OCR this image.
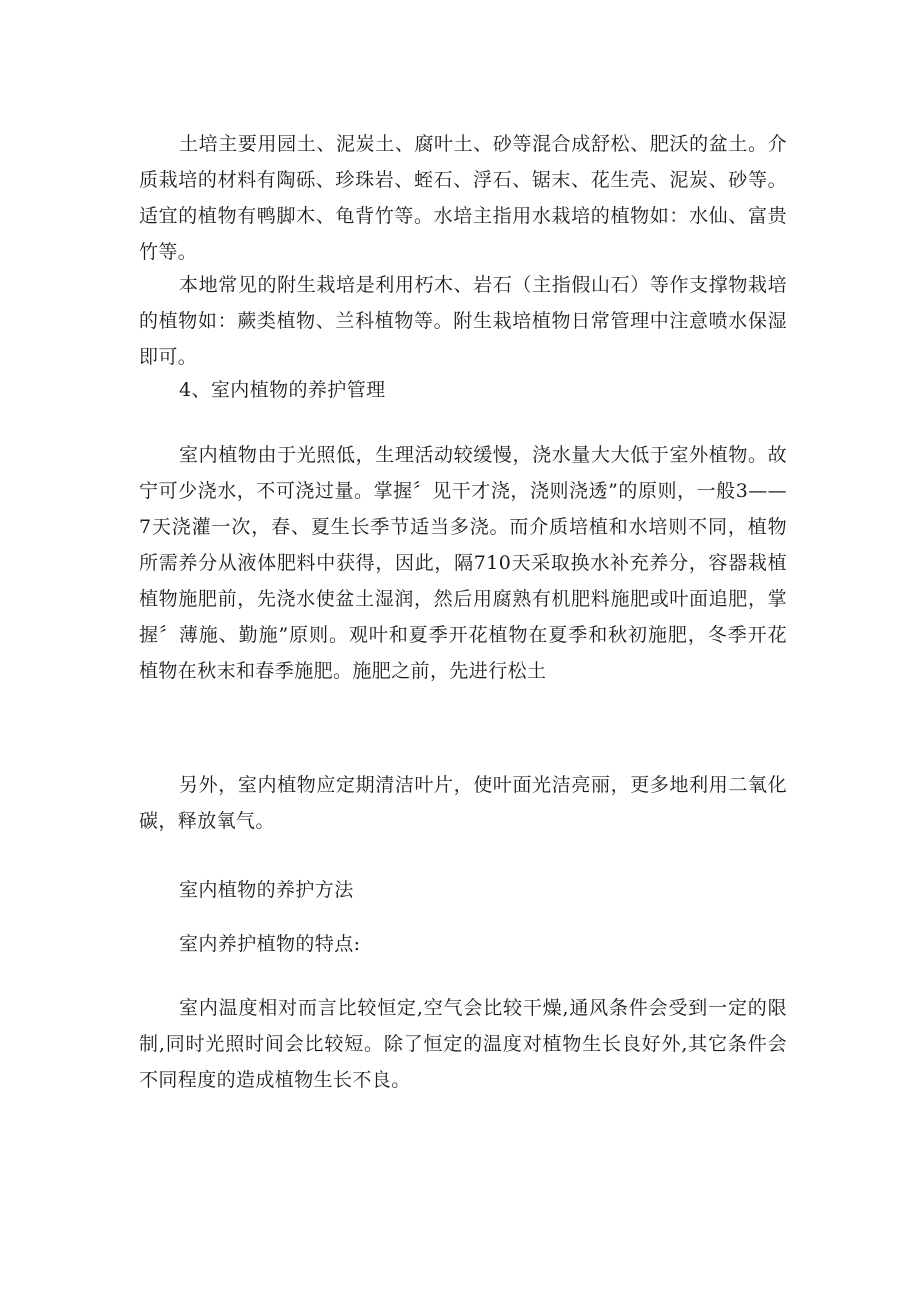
土培主要用园土、泥炭土、腐叶土、砂等混合成舒松、肥沃的盆土。介质栽培的材料有陶砾、珍珠岩、蛭石、浮石、锯末、花生壳、泥炭、砂等。适宜的植物有鸭脚木、龟背竹等。水培主指用水栽培的植物如：水仙、富贵竹等。

本地常见的附生栽培是利用朽木、岩石（主指假山石）等作支撑物栽培的植物如：蕨类植物、兰科植物等。附生栽培植物日常管理中注意喷水保湿即可。

4、室内植物的养护管理

室内植物由于光照低，生理活动较缓慢，浇水量大大低于室外植物。故宁可少浇水，不可浇过量。掌握〞见干才浇，浇则浇透”的原则，一般3——7天浇灌一次，春、夏生长季节适当多浇。而介质培植和水培则不同，植物所需养分从液体肥料中获得，因此，隔710天采取换水补充养分，容器栽植植物施肥前，先浇水使盆土湿润，然后用腐熟有机肥料施肥或叶面追肥，掌握〞薄施、勤施”原则。观叶和夏季开花植物在夏季和秋初施肥，冬季开花植物在秋末和春季施肥。施肥之前，先进行松土

另外，室内植物应定期清洁叶片，使叶面光洁亮丽，更多地利用二氧化碳，释放氧气。

室内植物的养护方法

室内养护植物的特点:

室内温度相对而言比较恒定,空气会比较干燥,通风条件会受到一定的限制,同时光照时间会比较短。除了恒定的温度对植物生长良好外,其它条件会不同程度的造成植物生长不良。
